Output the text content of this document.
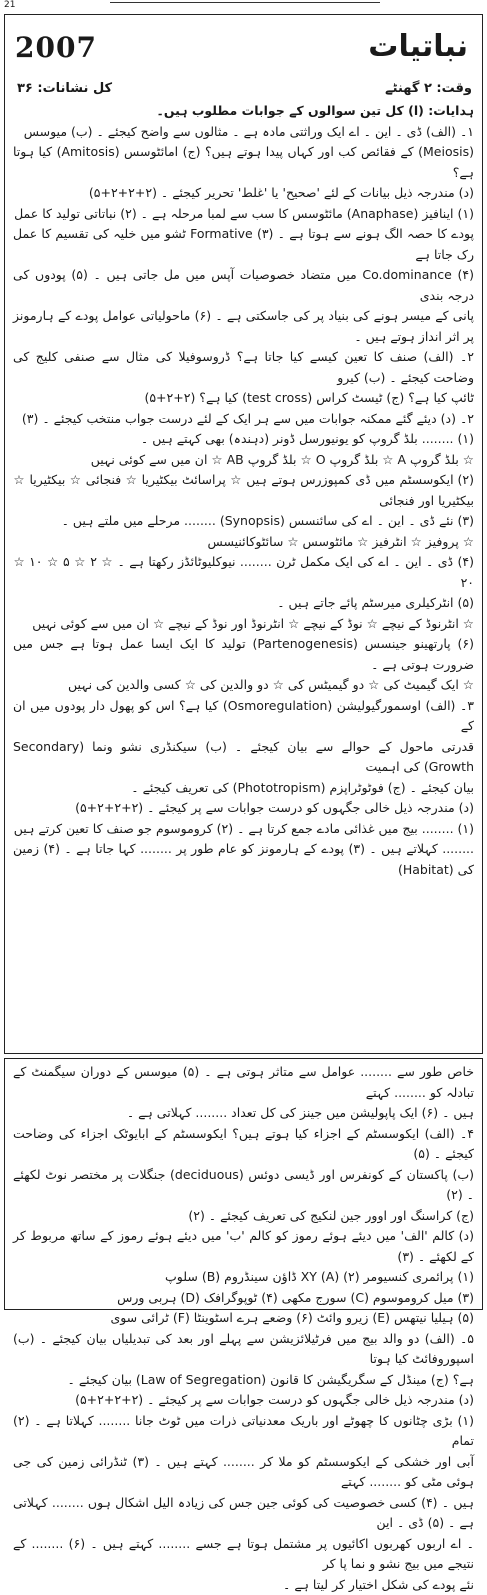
21
2007	نباتیات
وقت: ۲ گھنٹے
کل نشانات: ۳۶

ہدایات: (ا) کل تین سوالوں کے جوابات مطلوب ہیں۔

۱۔ (الف) ڈی ۔ این ۔ اے ایک وراثتی مادہ ہے ۔ مثالوں سے واضح کیجئے ۔ (ب) میوسس

(Meiosis) کے فقائص کب اور کہاں پیدا ہوتے ہیں؟ (ج) امائٹوسس (Amitosis) کیا ہوتا ہے؟

(د) مندرجہ ذیل بیانات کے لئے 'صحیح' یا 'غلط' تحریر کیجئے ۔ (۲+۲+۲+۵)

(۱) اینافیز (Anaphase) مائٹوسس کا سب سے لمبا مرحلہ ہے ۔ (۲) نباتاتی تولید کا عمل

پودے کا حصہ الگ ہونے سے ہوتا ہے ۔ (۳) Formative ٹشو میں خلیہ کی تقسیم کا عمل رک جاتا ہے

(۴) Co.dominance میں متضاد خصوصیات آپس میں مل جاتی ہیں ۔ (۵) پودوں کی درجہ بندی

پانی کے میسر ہونے کی بنیاد پر کی جاسکتی ہے ۔ (۶) ماحولیاتی عوامل پودے کے ہارمونز پر اثر انداز ہوتے ہیں ۔

۲۔ (الف) صنف کا تعین کیسے کیا جاتا ہے؟ ڈروسوفیلا کی مثال سے صنفی کلیج کی وضاحت کیجئے ۔ (ب) کیرو

ٹائپ کیا ہے؟ (ج) ٹیسٹ کراس (test cross) کیا ہے؟ (۲+۲+۵)

۲۔ (د) دیئے گئے ممکنہ جوابات میں سے ہر ایک کے لئے درست جواب منتخب کیجئے ۔ (۳)

(۱) ........ بلڈ گروپ کو یونیورسل ڈونر (دہندہ) بھی کہتے ہیں ۔

☆ بلڈ گروپ A ☆ بلڈ گروپ O ☆ بلڈ گروپ AB ☆ ان میں سے کوئی نہیں

(۲) ایکوسسٹم میں ڈی کمپوزرس ہوتے ہیں ☆ پراسائٹ بیکٹیریا ☆ فنجائی ☆ بیکٹیریا ☆ بیکٹیریا اور فنجائی

(۳) نئے ڈی ۔ این ۔ اے کی سائنسس (Synopsis) ........ مرحلے میں ملتے ہیں ۔

☆ پروفیز ☆ انٹرفیز ☆ مائٹوسس ☆ سائٹوکائنیسس

(۴) ڈی ۔ این ۔ اے کی ایک مکمل ٹرن ........ نیوکلیوٹائڈز رکھتا ہے ۔ ☆ ۲ ☆ ۵ ☆ ۱۰ ☆ ۲۰

(۵) انٹرکیلری میرسٹم پائے جاتے ہیں ۔

☆ انٹرنوڈ کے نیچے ☆ نوڈ کے نیچے ☆ انٹرنوڈ اور نوڈ کے نیچے ☆ ان میں سے کوئی نہیں

(۶) پارتھینو جینسس (Partenogenesis) تولید کا ایک ایسا عمل ہوتا ہے جس میں ضرورت ہوتی ہے ۔

☆ ایک گیمیٹ کی ☆ دو گیمیٹس کی ☆ دو والدین کی ☆ کسی والدین کی نہیں

۳۔ (الف) اوسمورگیولیشن (Osmoregulation) کیا ہے؟ اس کو پھول دار پودوں میں ان کے

قدرتی ماحول کے حوالے سے بیان کیجئے ۔ (ب) سیکنڈری نشو ونما (Secondary Growth) کی اہمیت

بیان کیجئے ۔ (ج) فوٹوٹراپزم (Phototropism) کی تعریف کیجئے ۔

(د) مندرجہ ذیل خالی جگہوں کو درست جوابات سے پر کیجئے ۔ (۲+۲+۲+۵)

(۱) ........ بیج میں غذائی مادے جمع کرتا ہے ۔ (۲) کروموسوم جو صنف کا تعین کرتے ہیں

........ کہلاتے ہیں ۔ (۳) پودے کے ہارمونز کو عام طور پر ........ کہا جاتا ہے ۔ (۴) زمین کی (Habitat)

خاص طور سے ........ عوامل سے متاثر ہوتی ہے ۔ (۵) میوسس کے دوران سیگمنٹ کے تبادلہ کو ........ کہتے

ہیں ۔ (۶) ایک پاپولیشن میں جینز کی کل تعداد ........ کہلاتی ہے ۔

۴۔ (الف) ایکوسسٹم کے اجزاء کیا ہوتے ہیں؟ ایکوسسٹم کے ابایوٹک اجزاء کی وضاحت کیجئے ۔ (۵)

(ب) پاکستان کے کونفرس اور ڈیسی دوئس (deciduous) جنگلات پر مختصر نوٹ لکھئے ۔ (۲)

(ج) کراسنگ اور اوور جین لنکیج کی تعریف کیجئے ۔ (۲)

(د) کالم 'الف' میں دیئے ہوئے رموز کو کالم 'ب' میں دیئے ہوئے رموز کے ساتھ مربوط کر کے لکھئے ۔ (۳)

(۱) پرائمری کنسیومر XY (A) (۲) ڈاؤن سینڈروم (B) سلوپ

(۳) میل کروموسوم (C) سورج مکھی (۴) ٹوپوگرافک (D) ہربی ورس

(۵) ہیلیا نیتھس (E) زیرو وائٹ (۶) وضعے ہرے اسٹوینٹا (F) ٹرائی سوی

۵۔ (الف) دو والد بیج میں فرٹیلائزیشن سے پہلے اور بعد کی تبدیلیاں بیان کیجئے ۔ (ب) اسپوروفائٹ کیا ہوتا

ہے؟ (ج) مینڈل کے سگریگیشن کا قانون (Law of Segregation) بیان کیجئے ۔

(د) مندرجہ ذیل خالی جگہوں کو درست جوابات سے پر کیجئے ۔ (۲+۲+۲+۵)

(۱) بڑی چٹانوں کا چھوٹے اور باریک معدنیاتی ذرات میں ٹوٹ جانا ........ کہلاتا ہے ۔ (۲) تمام

آبی اور خشکی کے ایکوسسٹم کو ملا کر ........ کہتے ہیں ۔ (۳) ٹنڈرائی زمین کی جی ہوئی مٹی کو ........ کہتے

ہیں ۔ (۴) کسی خصوصیت کی کوئی جین جس کی زیادہ الیل اشکال ہوں ........ کہلاتی ہے ۔ (۵) ڈی ۔ این

۔ اے اربوں کھربوں اکائیوں پر مشتمل ہوتا ہے جسے ........ کہتے ہیں ۔ (۶) ........ کے نتیجے میں بیج نشو و نما پا کر

نئے پودے کی شکل اختیار کر لیتا ہے ۔
